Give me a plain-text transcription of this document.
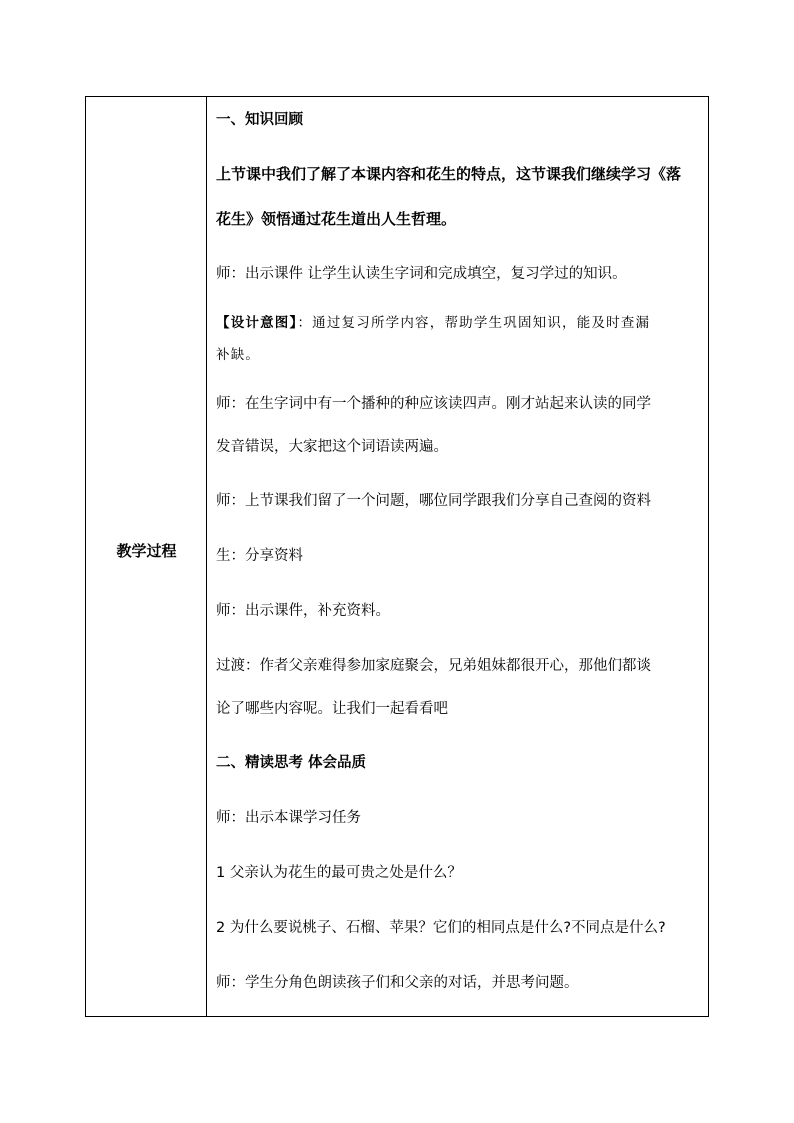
教学过程
一、知识回顾
上节课中我们了解了本课内容和花生的特点，这节课我们继续学习《落
花生》领悟通过花生道出人生哲理。
师：出示课件 让学生认读生字词和完成填空，复习学过的知识。
【设计意图】：通过复习所学内容，帮助学生巩固知识，能及时查漏
补缺。
师：在生字词中有一个播种的种应该读四声。刚才站起来认读的同学
发音错误，大家把这个词语读两遍。
师：上节课我们留了一个问题，哪位同学跟我们分享自己查阅的资料
生：分享资料
师：出示课件，补充资料。
过渡：作者父亲难得参加家庭聚会，兄弟姐妹都很开心，那他们都谈
论了哪些内容呢。让我们一起看看吧
二、精读思考 体会品质
师：出示本课学习任务
1 父亲认为花生的最可贵之处是什么？
2 为什么要说桃子、石榴、苹果？它们的相同点是什么?不同点是什么?
师：学生分角色朗读孩子们和父亲的对话，并思考问题。
